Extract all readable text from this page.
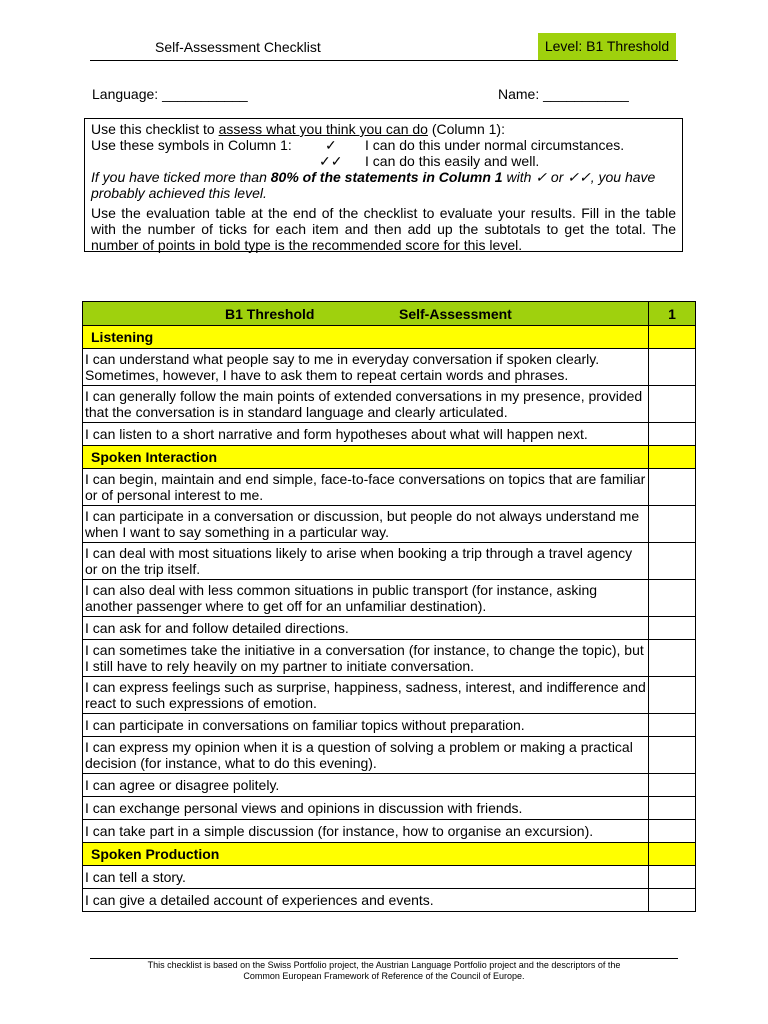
Self-Assessment Checklist	Level: B1 Threshold
Language: ___________	Name: ___________
Use this checklist to assess what you think you can do (Column 1):
Use these symbols in Column 1: ✓ I can do this under normal circumstances.
✓✓ I can do this easily and well.
If you have ticked more than 80% of the statements in Column 1 with ✓ or ✓✓, you have probably achieved this level.
Use the evaluation table at the end of the checklist to evaluate your results. Fill in the table with the number of ticks for each item and then add up the subtotals to get the total. The number of points in bold type is the recommended score for this level.
B1 Threshold Self-Assessment	1
Listening	
I can understand what people say to me in everyday conversation if spoken clearly. Sometimes, however, I have to ask them to repeat certain words and phrases.	
I can generally follow the main points of extended conversations in my presence, provided that the conversation is in standard language and clearly articulated.	
I can listen to a short narrative and form hypotheses about what will happen next.	
Spoken Interaction	
I can begin, maintain and end simple, face-to-face conversations on topics that are familiar or of personal interest to me.	
I can participate in a conversation or discussion, but people do not always understand me when I want to say something in a particular way.	
I can deal with most situations likely to arise when booking a trip through a travel agency or on the trip itself.	
I can also deal with less common situations in public transport (for instance, asking another passenger where to get off for an unfamiliar destination).	
I can ask for and follow detailed directions.	
I can sometimes take the initiative in a conversation (for instance, to change the topic), but I still have to rely heavily on my partner to initiate conversation.	
I can express feelings such as surprise, happiness, sadness, interest, and indifference and react to such expressions of emotion.	
I can participate in conversations on familiar topics without preparation.	
I can express my opinion when it is a question of solving a problem or making a practical decision (for instance, what to do this evening).	
I can agree or disagree politely.	
I can exchange personal views and opinions in discussion with friends.	
I can take part in a simple discussion (for instance, how to organise an excursion).	
Spoken Production	
I can tell a story.	
I can give a detailed account of experiences and events.	
This checklist is based on the Swiss Portfolio project, the Austrian Language Portfolio project and the descriptors of the
Common European Framework of Reference of the Council of Europe.
